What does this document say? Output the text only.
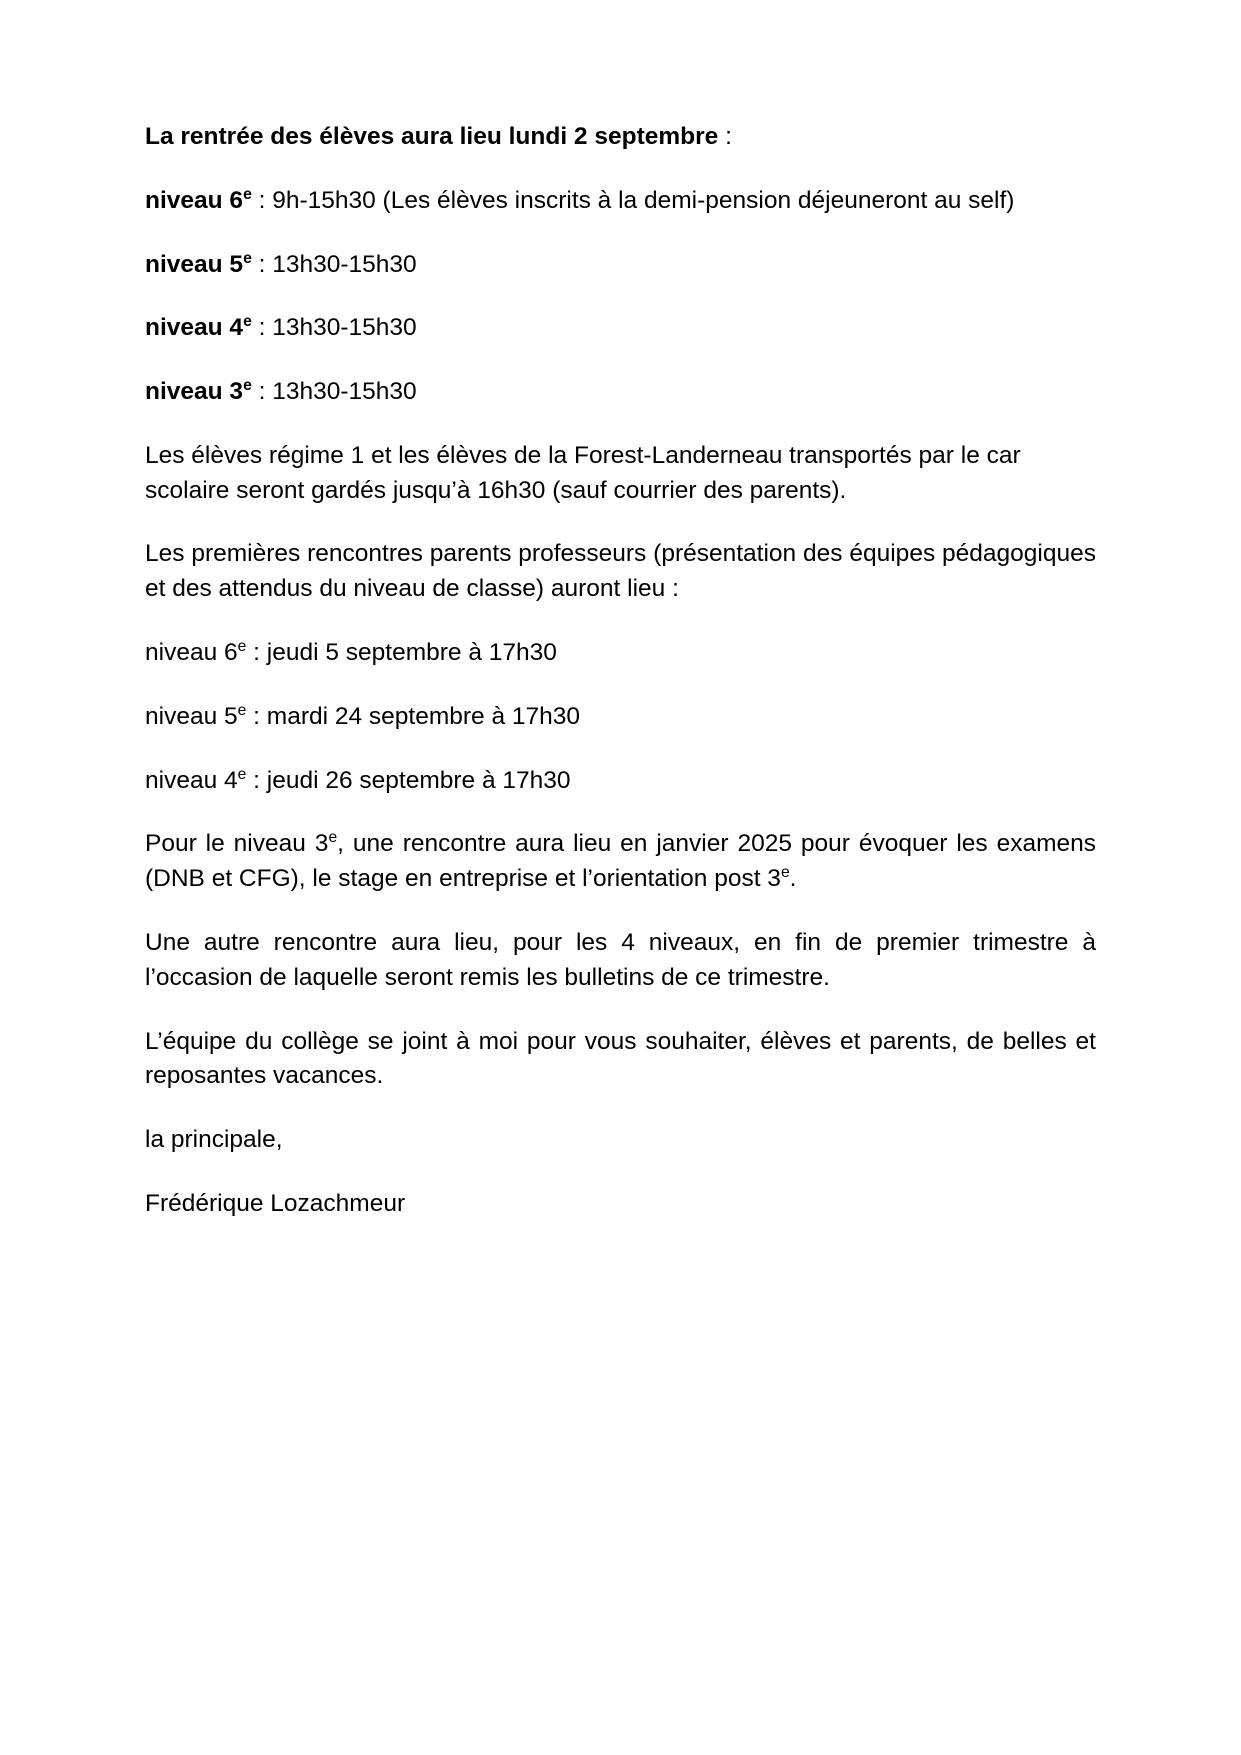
La rentrée des élèves aura lieu lundi 2 septembre :

niveau 6e : 9h-15h30 (Les élèves inscrits à la demi-pension déjeuneront au self)

niveau 5e : 13h30-15h30

niveau 4e : 13h30-15h30

niveau 3e : 13h30-15h30

Les élèves régime 1 et les élèves de la Forest-Landerneau transportés par le car scolaire seront gardés jusqu’à 16h30 (sauf courrier des parents).

Les premières rencontres parents professeurs (présentation des équipes pédagogiques et des attendus du niveau de classe) auront lieu :

niveau 6e : jeudi 5 septembre à 17h30

niveau 5e : mardi 24 septembre à 17h30

niveau 4e : jeudi 26 septembre à 17h30

Pour le niveau 3e, une rencontre aura lieu en janvier 2025 pour évoquer les examens (DNB et CFG), le stage en entreprise et l’orientation post 3e.

Une autre rencontre aura lieu, pour les 4 niveaux, en fin de premier trimestre à l’occasion de laquelle seront remis les bulletins de ce trimestre.

L’équipe du collège se joint à moi pour vous souhaiter, élèves et parents, de belles et reposantes vacances.

la principale,

Frédérique Lozachmeur
